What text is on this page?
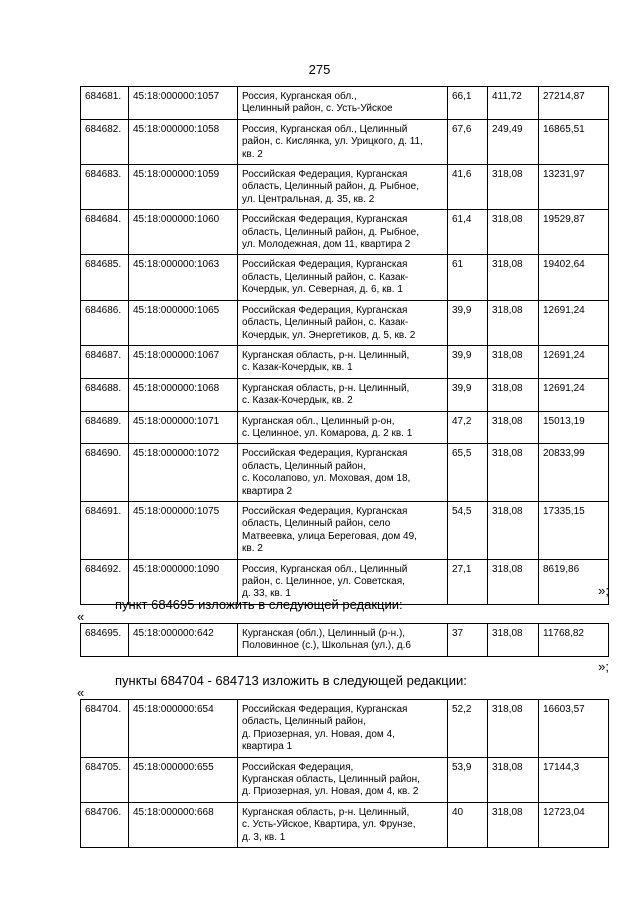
275
684681.	45:18:000000:1057	Россия, Курганская обл.,
Целинный район, с. Усть-Уйское	66,1	411,72	27214,87
684682.	45:18:000000:1058	Россия, Курганская обл., Целинный
район, с. Кислянка, ул. Урицкого, д. 11,
кв. 2	67,6	249,49	16865,51
684683.	45:18:000000:1059	Российская Федерация, Курганская
область, Целинный район, д. Рыбное,
ул. Центральная, д. 35, кв. 2	41,6	318,08	13231,97
684684.	45:18:000000:1060	Российская Федерация, Курганская
область, Целинный район, д. Рыбное,
ул. Молодежная, дом 11, квартира 2	61,4	318,08	19529,87
684685.	45:18:000000:1063	Российская Федерация, Курганская
область, Целинный район, с. Казак-
Кочердык, ул. Северная, д. 6, кв. 1	61	318,08	19402,64
684686.	45:18:000000:1065	Российская Федерация, Курганская
область, Целинный район, с. Казак-
Кочердык, ул. Энергетиков, д. 5, кв. 2	39,9	318,08	12691,24
684687.	45:18:000000:1067	Курганская область, р-н. Целинный,
с. Казак-Кочердык, кв. 1	39,9	318,08	12691,24
684688.	45:18:000000:1068	Курганская область, р-н. Целинный,
с. Казак-Кочердык, кв. 2	39,9	318,08	12691,24
684689.	45:18:000000:1071	Курганская обл., Целинный р-он,
с. Целинное, ул. Комарова, д. 2 кв. 1	47,2	318,08	15013,19
684690.	45:18:000000:1072	Российская Федерация, Курганская
область, Целинный район,
с. Косолапово, ул. Моховая, дом 18,
квартира 2	65,5	318,08	20833,99
684691.	45:18:000000:1075	Российская Федерация, Курганская
область, Целинный район, село
Матвеевка, улица Береговая, дом 49,
кв. 2	54,5	318,08	17335,15
684692.	45:18:000000:1090	Россия, Курганская обл., Целинный
район, с. Целинное, ул. Советская,
д. 33, кв. 1	27,1	318,08	8619,86
»;
пункт 684695 изложить в следующей редакции:
«
684695.	45:18:000000:642	Курганская (обл.), Целинный (р-н.),
Половинное (с.), Школьная (ул.), д.6	37	318,08	11768,82
»;
пункты 684704 - 684713 изложить в следующей редакции:
«
684704.	45:18:000000:654	Российская Федерация, Курганская
область, Целинный район,
д. Приозерная, ул. Новая, дом 4,
квартира 1	52,2	318,08	16603,57
684705.	45:18:000000:655	Российская Федерация,
Курганская область, Целинный район,
д. Приозерная, ул. Новая, дом 4, кв. 2	53,9	318,08	17144,3
684706.	45:18:000000:668	Курганская область, р-н. Целинный,
с. Усть-Уйское, Квартира, ул. Фрунзе,
д. 3, кв. 1	40	318,08	12723,04
